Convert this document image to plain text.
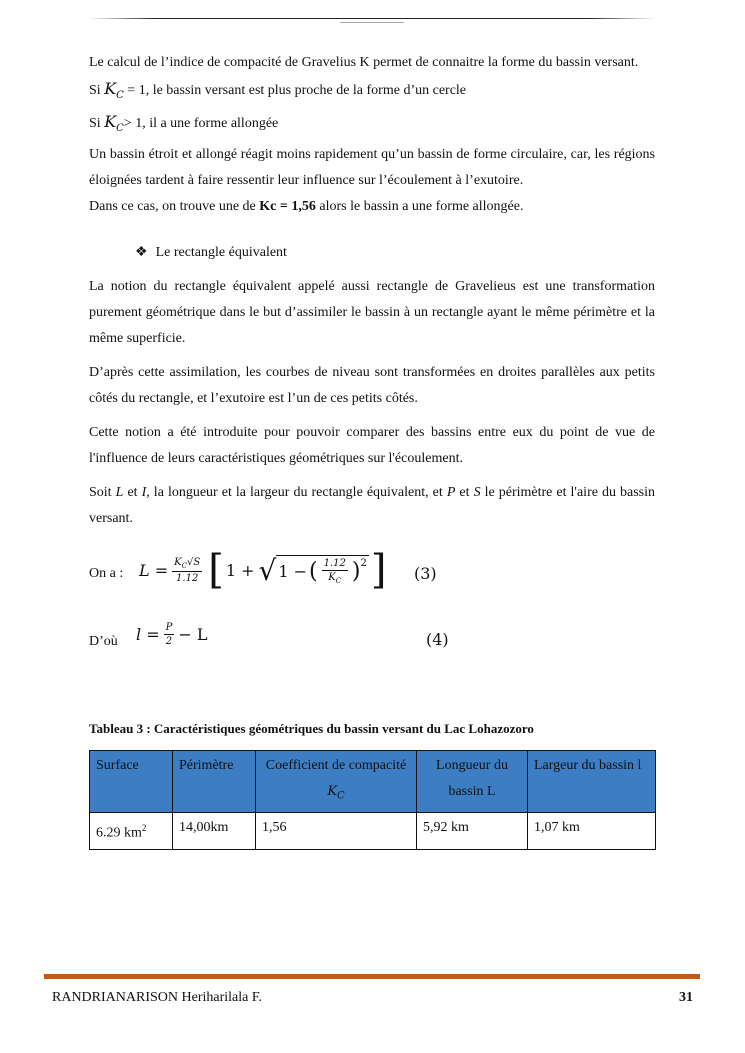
Le calcul de l’indice de compacité de Gravelius K permet de connaitre la forme du bassin versant.

Si $K_C = 1$, le bassin versant est plus proche de la forme d’un cercle

Si $K_C> 1$, il a une forme allongée

Un bassin étroit et allongé réagit moins rapidement qu’un bassin de forme circulaire, car, les régions éloignées tardent à faire ressentir leur influence sur l’écoulement à l’exutoire.

Dans ce cas, on trouve une de Kc = 1,56 alors le bassin a une forme allongée.

❖ Le rectangle équivalent

La notion du rectangle équivalent appelé aussi rectangle de Gravelieus est une transformation purement géométrique dans le but d’assimiler le bassin à un rectangle ayant le même périmètre et la même superficie.

D’après cette assimilation, les courbes de niveau sont transformées en droites parallèles aux petits côtés du rectangle, et l’exutoire est l’un de ces petits côtés.

Cette notion a été introduite pour pouvoir comparer des bassins entre eux du point de vue de l'influence de leurs caractéristiques géométriques sur l'écoulement.

Soit L et I, la longueur et la largeur du rectangle équivalent, et P et S le périmètre et l'aire du bassin versant.

On a : $L = \frac{K_C√S}{1.12}$ [ 1 + √ 1 − ( $\frac{1.12}{K_C} )^2$ ] (3)
D’où $l = \frac{P}{2} - L$	(4)

Tableau 3 : Caractéristiques géométriques du bassin versant du Lac Lohazozoro

Surface	Périmètre	Coefficient de compacité $K_C$	Longueur du bassin L	Largeur du bassin l
6.29 $km^2$	14,00km	1,56	5,92 km	1,07 km
RANDRIANARISON Heriharilala F.	31
